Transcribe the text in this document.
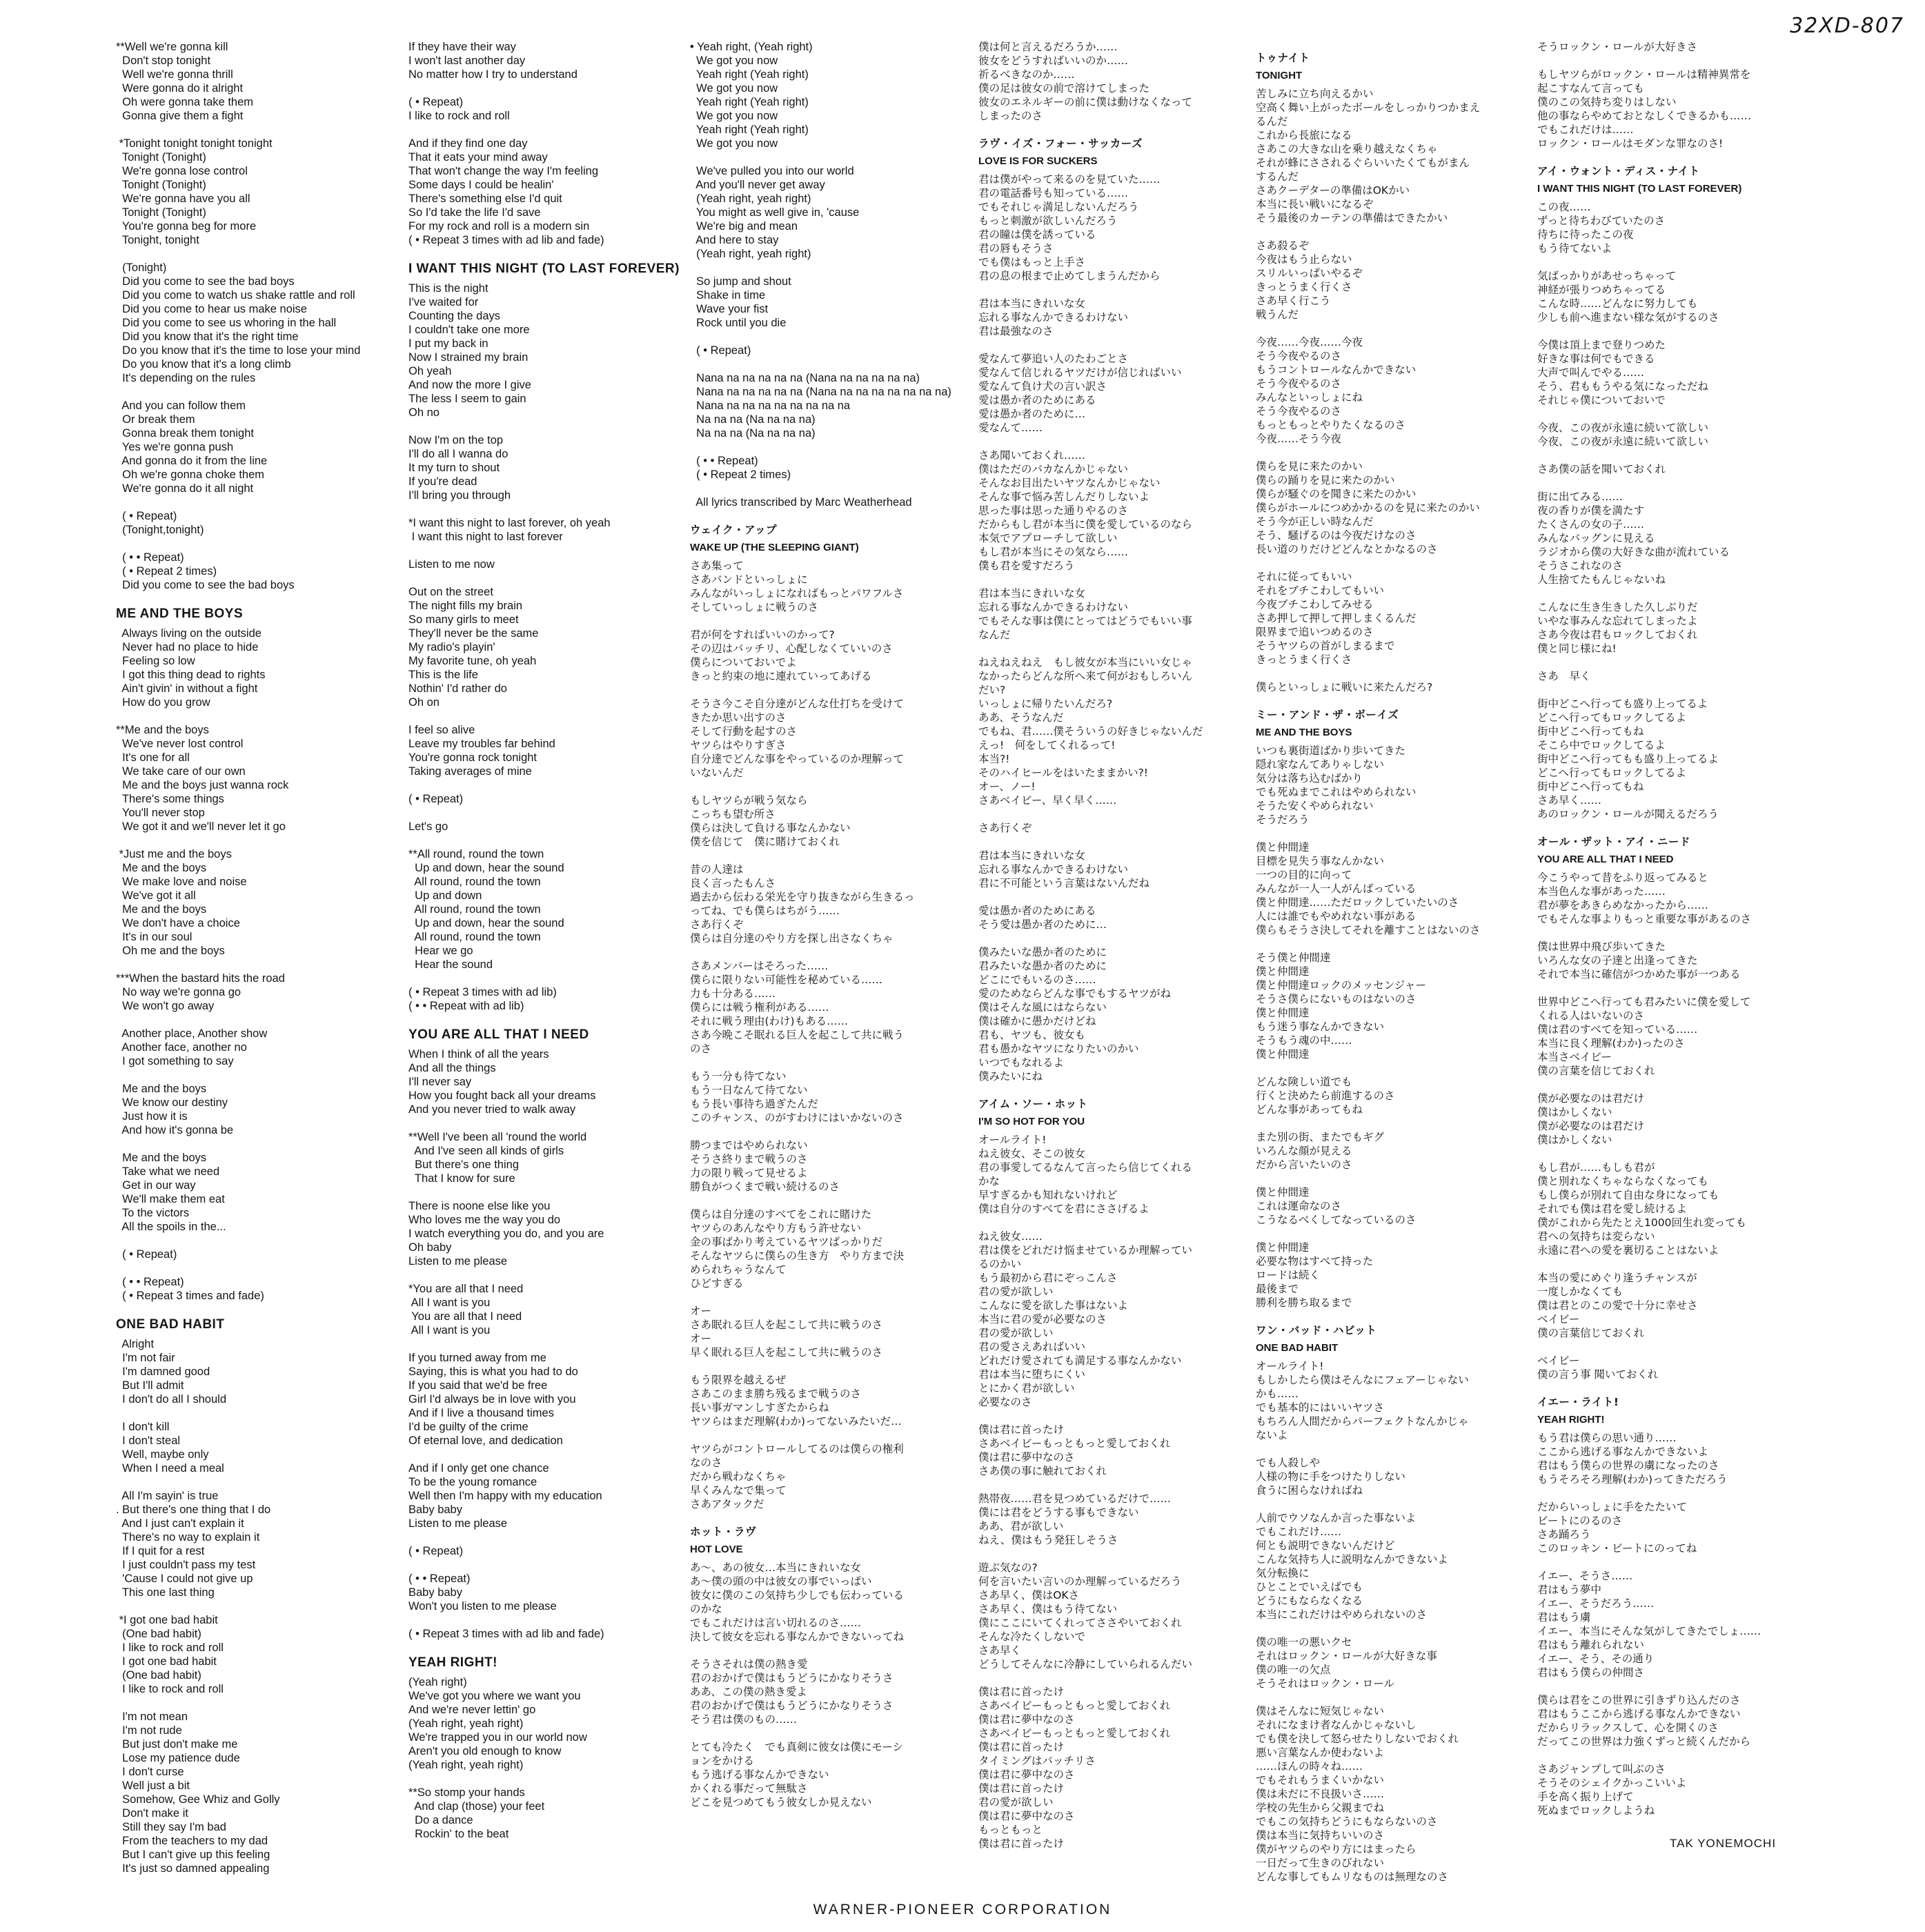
32XD-807
**Well we're gonna kill
Don't stop tonight
Well we're gonna thrill
Were gonna do it alright
Oh were gonna take them
Gonna give them a fight
*Tonight tonight tonight tonight
Tonight (Tonight)
We're gonna lose control
Tonight (Tonight)
We're gonna have you all
Tonight (Tonight)
You're gonna beg for more
Tonight, tonight
(Tonight)
Did you come to see the bad boys
Did you come to watch us shake rattle and roll
Did you come to hear us make noise
Did you come to see us whoring in the hall
Did you know that it's the right time
Do you know that it's the time to lose your mind
Do you know that it's a long climb
It's depending on the rules
And you can follow them
Or break them
Gonna break them tonight
Yes we're gonna push
And gonna do it from the line
Oh we're gonna choke them
We're gonna do it all night
( • Repeat)
(Tonight,tonight)
( • • Repeat)
( • Repeat 2 times)
Did you come to see the bad boys
ME AND THE BOYS
Always living on the outside
Never had no place to hide
Feeling so low
I got this thing dead to rights
Ain't givin' in without a fight
How do you grow
**Me and the boys
We've never lost control
It's one for all
We take care of our own
Me and the boys just wanna rock
There's some things
You'll never stop
We got it and we'll never let it go
*Just me and the boys
Me and the boys
We make love and noise
We've got it all
Me and the boys
We don't have a choice
It's in our soul
Oh me and the boys
***When the bastard hits the road
No way we're gonna go
We won't go away
Another place, Another show
Another face, another no
I got something to say
Me and the boys
We know our destiny
Just how it is
And how it's gonna be
Me and the boys
Take what we need
Get in our way
We'll make them eat
To the victors
All the spoils in the...
( • Repeat)
( • • Repeat)
( • Repeat 3 times and fade)
ONE BAD HABIT
Alright
I'm not fair
I'm damned good
But I'll admit
I don't do all I should
I don't kill
I don't steal
Well, maybe only
When I need a meal
All I'm sayin' is true
. But there's one thing that I do
And I just can't explain it
There's no way to explain it
If I quit for a rest
I just couldn't pass my test
'Cause I could not give up
This one last thing
*I got one bad habit
(One bad habit)
I like to rock and roll
I got one bad habit
(One bad habit)
I like to rock and roll
I'm not mean
I'm not rude
But just don't make me
Lose my patience dude
I don't curse
Well just a bit
Somehow, Gee Whiz and Golly
Don't make it
Still they say I'm bad
From the teachers to my dad
But I can't give up this feeling
It's just so damned appealing
If they have their way
I won't last another day
No matter how I try to understand
( • Repeat)
I like to rock and roll
And if they find one day
That it eats your mind away
That won't change the way I'm feeling
Some days I could be healin'
There's something else I'd quit
So I'd take the life I'd save
For my rock and roll is a modern sin
( • Repeat 3 times with ad lib and fade)
I WANT THIS NIGHT (TO LAST FOREVER)
This is the night
I've waited for
Counting the days
I couldn't take one more
I put my back in
Now I strained my brain
Oh yeah
And now the more I give
The less I seem to gain
Oh no
Now I'm on the top
I'll do all I wanna do
It my turn to shout
If you're dead
I'll bring you through
*I want this night to last forever, oh yeah
I want this night to last forever
Listen to me now
Out on the street
The night fills my brain
So many girls to meet
They'll never be the same
My radio's playin'
My favorite tune, oh yeah
This is the life
Nothin' I'd rather do
Oh on
I feel so alive
Leave my troubles far behind
You're gonna rock tonight
Taking averages of mine
( • Repeat)
Let's go
**All round, round the town
Up and down, hear the sound
All round, round the town
Up and down
All round, round the town
Up and down, hear the sound
All round, round the town
Hear we go
Hear the sound
( • Repeat 3 times with ad lib)
( • • Repeat with ad lib)
YOU ARE ALL THAT I NEED
When I think of all the years
And all the things
I'll never say
How you fought back all your dreams
And you never tried to walk away
**Well I've been all 'round the world
And I've seen all kinds of girls
But there's one thing
That I know for sure
There is noone else like you
Who loves me the way you do
I watch everything you do, and you are
Oh baby
Listen to me please
*You are all that I need
All I want is you
You are all that I need
All I want is you
If you turned away from me
Saying, this is what you had to do
If you said that we'd be free
Girl I'd always be in love with you
And if I live a thousand times
I'd be guilty of the crime
Of eternal love, and dedication
And if I only get one chance
To be the young romance
Well then I'm happy with my education
Baby baby
Listen to me please
( • Repeat)
( • • Repeat)
Baby baby
Won't you listen to me please
( • Repeat 3 times with ad lib and fade)
YEAH RIGHT!
(Yeah right)
We've got you where we want you
And we're never lettin' go
(Yeah right, yeah right)
We're trapped you in our world now
Aren't you old enough to know
(Yeah right, yeah right)
**So stomp your hands
And clap (those) your feet
Do a dance
Rockin' to the beat
• Yeah right, (Yeah right)
We got you now
Yeah right (Yeah right)
We got you now
Yeah right (Yeah right)
We got you now
Yeah right (Yeah right)
We got you now
We've pulled you into our world
And you'll never get away
(Yeah right, yeah right)
You might as well give in, 'cause
We're big and mean
And here to stay
(Yeah right, yeah right)
So jump and shout
Shake in time
Wave your fist
Rock until you die
( • Repeat)
Nana na na na na na (Nana na na na na na)
Nana na na na na na (Nana na na na na na na na)
Nana na na na na na na na na
Na na na (Na na na na)
Na na na (Na na na na)
( • • Repeat)
( • Repeat 2 times)
All lyrics transcribed by Marc Weatherhead
ウェイク・アップ
WAKE UP (THE SLEEPING GIANT)
さあ集って
さあバンドといっしょに
みんながいっしょになればもっとパワフルさ
そしていっしょに戦うのさ
君が何をすればいいのかって?
その辺はバッチリ、心配しなくていいのさ
僕らについておいでよ
きっと約束の地に連れていってあげる
そうさ今こそ自分達がどんな仕打ちを受けて
きたか思い出すのさ
そして行動を起すのさ
ヤツらはやりすぎさ
自分達でどんな事をやっているのか理解って
いないんだ
もしヤツらが戦う気なら
こっちも望む所さ
僕らは決して負ける事なんかない
僕を信じて　僕に賭けておくれ
昔の人達は
良く言ったもんさ
過去から伝わる栄光を守り抜きながら生きるっ
ってね、でも僕らはちがう……
さあ行くぞ
僕らは自分達のやり方を探し出さなくちゃ
さあメンバーはそろった……
僕らに限りない可能性を秘めている……
力も十分ある……
僕らには戦う権利がある……
それに戦う理由(わけ)もある……
さあ今晩こそ眠れる巨人を起こして共に戦う
のさ
もう一分も待てない
もう一日なんて待てない
もう長い事待ち過ぎたんだ
このチャンス、のがすわけにはいかないのさ
勝つまではやめられない
そうさ終りまで戦うのさ
力の限り戦って見せるよ
勝負がつくまで戦い続けるのさ
僕らは自分達のすべてをこれに賭けた
ヤツらのあんなやり方もう許せない
金の事ばかり考えているヤツばっかりだ
そんなヤツらに僕らの生き方　やり方まで決
められちゃうなんて
ひどすぎる
オー
さあ眠れる巨人を起こして共に戦うのさ
オー
早く眠れる巨人を起こして共に戦うのさ
もう限界を越えるぜ
さあこのまま勝ち残るまで戦うのさ
長い事ガマンしすぎたからね
ヤツらはまだ理解(わか)ってないみたいだ…
ヤツらがコントロールしてるのは僕らの権利
なのさ
だから戦わなくちゃ
早くみんなで集って
さあアタックだ
ホット・ラヴ
HOT LOVE
あ～、あの彼女…本当にきれいな女
あ～僕の頭の中は彼女の事でいっぱい
彼女に僕のこの気持ち少しでも伝わっている
のかな
でもこれだけは言い切れるのさ……
決して彼女を忘れる事なんかできないってね
そうさそれは僕の熱き愛
君のおかげで僕はもうどうにかなりそうさ
ああ、この僕の熱き愛よ
君のおかげで僕はもうどうにかなりそうさ
そう君は僕のもの……
とても冷たく　でも真剣に彼女は僕にモーシ
ョンをかける
もう逃げる事なんかできない
かくれる事だって無駄さ
どこを見つめてもう彼女しか見えない
僕は何と言えるだろうか……
彼女をどうすればいいのか……
祈るべきなのか……
僕の足は彼女の前で溶けてしまった
彼女のエネルギーの前に僕は動けなくなって
しまったのさ
ラヴ・イズ・フォー・サッカーズ
LOVE IS FOR SUCKERS
君は僕がやって来るのを見ていた……
君の電話番号も知っている……
でもそれじゃ満足しないんだろう
もっと刺激が欲しいんだろう
君の瞳は僕を誘っている
君の唇もそうさ
でも僕はもっと上手さ
君の息の根まで止めてしまうんだから
君は本当にきれいな女
忘れる事なんかできるわけない
君は最強なのさ
愛なんて夢追い人のたわごとさ
愛なんて信じれるヤツだけが信じればいい
愛なんて負け犬の言い訳さ
愛は愚か者のためにある
愛は愚か者のために…
愛なんて……
さあ聞いておくれ……
僕はただのバカなんかじゃない
そんなお目出たいヤツなんかじゃない
そんな事で悩み苦しんだりしないよ
思った事は思った通りやるのさ
だからもし君が本当に僕を愛しているのなら
本気でアプローチして欲しい
もし君が本当にその気なら……
僕も君を愛すだろう
君は本当にきれいな女
忘れる事なんかできるわけない
でもそんな事は僕にとってはどうでもいい事
なんだ
ねえねえねえ　もし彼女が本当にいい女じゃ
なかったらどんな所へ来て何がおもしろいん
だい?
いっしょに帰りたいんだろ?
ああ、そうなんだ
でもね、君……僕そういうの好きじゃないんだ
えっ!　何をしてくれるって!
本当?!
そのハイヒールをはいたままかい?!
オー、ノー!
さあベイビー、早く早く……
さあ行くぞ
君は本当にきれいな女
忘れる事なんかできるわけない
君に不可能という言葉はないんだね
愛は愚か者のためにある
そう愛は愚か者のために…
僕みたいな愚か者のために
君みたいな愚か者のために
どこにでもいるのさ……
愛のためならどんな事でもするヤツがね
僕はそんな風にはならない
僕は確かに愚かだけどね
君も、ヤツも、彼女も
君も愚かなヤツになりたいのかい
いつでもなれるよ
僕みたいにね
アイム・ソー・ホット
I'M SO HOT FOR YOU
オールライト!
ねえ彼女、そこの彼女
君の事愛してるなんて言ったら信じてくれる
かな
早すぎるかも知れないけれど
僕は自分のすべてを君にささげるよ
ねえ彼女……
君は僕をどれだけ悩ませているか理解ってい
るのかい
もう最初から君にぞっこんさ
君の愛が欲しい
こんなに愛を欲した事はないよ
本当に君の愛が必要なのさ
君の愛が欲しい
君の愛さえあればいい
どれだけ愛されても満足する事なんかない
君は本当に堕ちにくい
とにかく君が欲しい
必要なのさ
僕は君に首ったけ
さあベイビーもっともっと愛しておくれ
僕は君に夢中なのさ
さあ僕の事に触れておくれ
熱帯夜……君を見つめているだけで……
僕には君をどうする事もできない
ああ、君が欲しい
ねえ、僕はもう発狂しそうさ
遊ぶ気なの?
何を言いたい言いのか理解っているだろう
さあ早く、僕はOKさ
さあ早く、僕はもう待てない
僕にここにいてくれってささやいておくれ
そんな冷たくしないで
さあ早く
どうしてそんなに冷静にしていられるんだい
僕は君に首ったけ
さあベイビーもっともっと愛しておくれ
僕は君に夢中なのさ
さあベイビーもっともっと愛しておくれ
僕は君に首ったけ
タイミングはバッチリさ
僕は君に夢中なのさ
僕は君に首ったけ
君の愛が欲しい
僕は君に夢中なのさ
もっともっと
僕は君に首ったけ
トゥナイト
TONIGHT
苦しみに立ち向えるかい
空高く舞い上がったボールをしっかりつかまえ
るんだ
これから長旅になる
さあこの大きな山を乗り越えなくちゃ
それが蜂にさされるぐらいいたくてもがまん
するんだ
さあクーデターの準備はOKかい
本当に長い戦いになるぞ
そう最後のカーテンの準備はできたかい
さあ殺るぞ
今夜はもう止らない
スリルいっぱいやるぞ
きっとうまく行くさ
さあ早く行こう
戦うんだ
今夜……今夜……今夜
そう今夜やるのさ
もうコントロールなんかできない
そう今夜やるのさ
みんなといっしょにね
そう今夜やるのさ
もっともっとやりたくなるのさ
今夜……そう今夜
僕らを見に来たのかい
僕らの踊りを見に来たのかい
僕らが騒ぐのを聞きに来たのかい
僕らがホールにつめかかるのを見に来たのかい
そう今が正しい時なんだ
そう、騒げるのは今夜だけなのさ
長い道のりだけどどんなとかなるのさ
それに従ってもいい
それをブチこわしてもいい
今夜ブチこわしてみせる
さあ押して押して押しまくるんだ
限界まで追いつめるのさ
そうヤツらの首がしまるまで
きっとうまく行くさ
僕らといっしょに戦いに来たんだろ?
ミー・アンド・ザ・ボーイズ
ME AND THE BOYS
いつも裏街道ばかり歩いてきた
隠れ家なんてありゃしない
気分は落ち込むばかり
でも死ぬまでこれはやめられない
そうた安くやめられない
そうだろう
僕と仲間達
目標を見失う事なんかない
一つの目的に向って
みんなが一人一人がんばっている
僕と仲間達……ただロックしていたいのさ
人には誰でもやめれない事がある
僕らもそうさ決してそれを離すことはないのさ
そう僕と仲間達
僕と仲間達
僕と仲間達ロックのメッセンジャー
そうさ僕らにないものはないのさ
僕と仲間達
もう迷う事なんかできない
そうもう魂の中……
僕と仲間達
どんな険しい道でも
行くと決めたら前進するのさ
どんな事があってもね
また別の街、またでもギグ
いろんな顔が見える
だから言いたいのさ
僕と仲間達
これは運命なのさ
こうなるべくしてなっているのさ
僕と仲間達
必要な物はすべて持った
ロードは続く
最後まで
勝利を勝ち取るまで
ワン・バッド・ハビット
ONE BAD HABIT
オールライト!
もしかしたら僕はそんなにフェアーじゃない
かも……
でも基本的にはいいヤツさ
もちろん人間だからパーフェクトなんかじゃ
ないよ
でも人殺しや
人様の物に手をつけたりしない
食うに困らなければね
人前でウソなんか言った事ないよ
でもこれだけ……
何とも説明できないんだけど
こんな気持ち人に説明なんかできないよ
気分転換に
ひとことでいえばでも
どうにもならなくなる
本当にこれだけはやめられないのさ
僕の唯一の悪いクセ
それはロックン・ロールが大好きな事
僕の唯一の欠点
そうそれはロックン・ロール
僕はそんなに短気じゃない
それになまけ者なんかじゃないし
でも僕を決して怒らせたりしないでおくれ
悪い言葉なんか使わないよ
……ほんの時々ね……
でもそれもうまくいかない
僕は未だに不良扱いさ……
学校の先生から父親までね
でもこの気持ちどうにもならないのさ
僕は本当に気持ちいいのさ
僕がヤツらのやり方にはまったら
一日だって生きのびれない
どんな事してもムリなものは無理なのさ
そうロックン・ロールが大好きさ
もしヤツらがロックン・ロールは精神異常を
起こすなんて言っても
僕のこの気持ち変りはしない
他の事ならやめておとなしくできるかも……
でもこれだけは……
ロックン・ロールはモダンな罪なのさ!
アイ・ウォント・ディス・ナイト
I WANT THIS NIGHT (TO LAST FOREVER)
この夜……
ずっと待ちわびていたのさ
待ちに待ったこの夜
もう待てないよ
気ばっかりがあせっちゃって
神経が張りつめちゃってる
こんな時……どんなに努力しても
少しも前へ進まない様な気がするのさ
今僕は頂上まで登りつめた
好きな事は何でもできる
大声で叫んでやる……
そう、君ももうやる気になっただね
それじゃ僕についておいで
今夜、この夜が永遠に続いて欲しい
今夜、この夜が永遠に続いて欲しい
さあ僕の話を聞いておくれ
街に出てみる……
夜の香りが僕を満たす
たくさんの女の子……
みんなバッグンに見える
ラジオから僕の大好きな曲が流れている
そうさこれなのさ
人生捨てたもんじゃないね
こんなに生き生きした久しぶりだ
いやな事みんな忘れてしまったよ
さあ今夜は君もロックしておくれ
僕と同じ様にね!
さあ　早く
街中どこへ行っても盛り上ってるよ
どこへ行ってもロックしてるよ
街中どこへ行ってもね
そこら中でロックしてるよ
街中どこへ行ってもも盛り上ってるよ
どこへ行ってもロックしてるよ
街中どこへ行ってもね
さあ早く……
あのロックン・ロールが聞えるだろう
オール・ザット・アイ・ニード
YOU ARE ALL THAT I NEED
今こうやって昔をふり返ってみると
本当色んな事があった……
君が夢をあきらめなかったから……
でもそんな事よりもっと重要な事があるのさ
僕は世界中飛び歩いてきた
いろんな女の子達と出逢ってきた
それで本当に確信がつかめた事が一つある
世界中どこへ行っても君みたいに僕を愛して
くれる人はいないのさ
僕は君のすべてを知っている……
本当に良く理解(わか)ったのさ
本当さベイビー
僕の言葉を信じておくれ
僕が必要なのは君だけ
僕はかしくない
僕が必要なのは君だけ
僕はかしくない
もし君が……もしも君が
僕と別れなくちゃならなくなっても
もし僕らが別れて自由な身になっても
それでも僕は君を愛し続けるよ
僕がこれから先たとえ1000回生れ変っても
君への気持ちは変らない
永遠に君への愛を裏切ることはないよ
本当の愛にめぐり逢うチャンスが
一度しかなくても
僕は君とのこの愛で十分に幸せさ
ベイビー
僕の言葉信じておくれ
ベイビー
僕の言う事 聞いておくれ
イエー・ライト!
YEAH RIGHT!
もう君は僕らの思い通り……
ここから逃げる事なんかできないよ
君はもう僕らの世界の虜になったのさ
もうそろそろ理解(わか)ってきただろう
だからいっしょに手をたたいて
ビートにのるのさ
さあ踊ろう
このロッキン・ビートにのってね
イエー、そうさ……
君はもう夢中
イエー、そうだろう……
君はもう虜
イエー、本当にそんな気がしてきたでしょ……
君はもう離れられない
イエー、そう、その通り
君はもう僕らの仲間さ
僕らは君をこの世界に引きずり込んだのさ
君はもうここから逃げる事なんかできない
だからリラックスして、心を開くのさ
だってこの世界は力強くずっと続くんだから
さあジャンプして叫ぶのさ
そうそのシェイクかっこいいよ
手を高く振り上げて
死ぬまでロックしようね
TAK YONEMOCHI
WARNER-PIONEER CORPORATION
